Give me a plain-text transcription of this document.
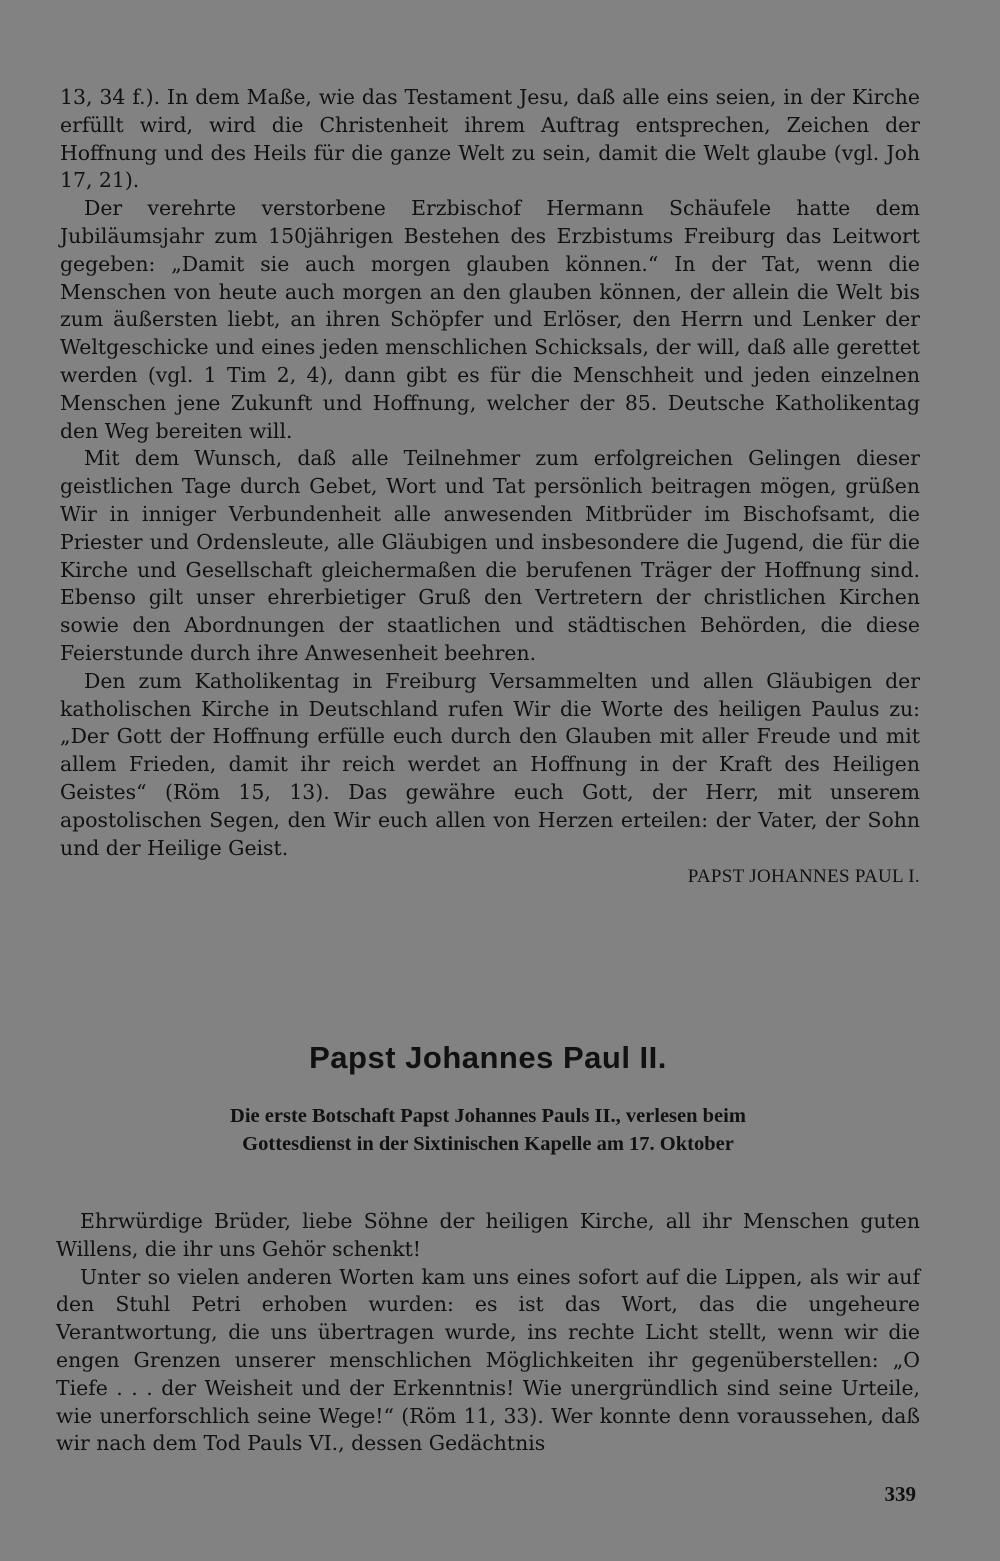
13, 34 f.). In dem Maße, wie das Testament Jesu, daß alle eins seien, in der Kirche erfüllt wird, wird die Christenheit ihrem Auftrag entsprechen, Zeichen der Hoffnung und des Heils für die ganze Welt zu sein, damit die Welt glaube (vgl. Joh 17, 21).

Der verehrte verstorbene Erzbischof Hermann Schäufele hatte dem Jubiläumsjahr zum 150jährigen Bestehen des Erzbistums Freiburg das Leitwort gegeben: „Damit sie auch morgen glauben können.“ In der Tat, wenn die Menschen von heute auch morgen an den glauben können, der allein die Welt bis zum äußersten liebt, an ihren Schöpfer und Erlöser, den Herrn und Lenker der Weltgeschicke und eines jeden menschlichen Schicksals, der will, daß alle gerettet werden (vgl. 1 Tim 2, 4), dann gibt es für die Menschheit und jeden einzelnen Menschen jene Zukunft und Hoffnung, welcher der 85. Deutsche Katholikentag den Weg bereiten will.

Mit dem Wunsch, daß alle Teilnehmer zum erfolgreichen Gelingen dieser geistlichen Tage durch Gebet, Wort und Tat persönlich beitragen mögen, grüßen Wir in inniger Verbundenheit alle anwesenden Mitbrüder im Bischofsamt, die Priester und Ordensleute, alle Gläubigen und insbesondere die Jugend, die für die Kirche und Gesellschaft gleichermaßen die berufenen Träger der Hoffnung sind. Ebenso gilt unser ehrerbietiger Gruß den Vertretern der christlichen Kirchen sowie den Abordnungen der staatlichen und städtischen Behörden, die diese Feierstunde durch ihre Anwesenheit beehren.

Den zum Katholikentag in Freiburg Versammelten und allen Gläubigen der katholischen Kirche in Deutschland rufen Wir die Worte des heiligen Paulus zu: „Der Gott der Hoffnung erfülle euch durch den Glauben mit aller Freude und mit allem Frieden, damit ihr reich werdet an Hoffnung in der Kraft des Heiligen Geistes“ (Röm 15, 13). Das gewähre euch Gott, der Herr, mit unserem apostolischen Segen, den Wir euch allen von Herzen erteilen: der Vater, der Sohn und der Heilige Geist.

PAPST JOHANNES PAUL I.

Papst Johannes Paul II.
Die erste Botschaft Papst Johannes Pauls II., verlesen beim
Gottesdienst in der Sixtinischen Kapelle am 17. Oktober

Ehrwürdige Brüder, liebe Söhne der heiligen Kirche, all ihr Menschen guten Willens, die ihr uns Gehör schenkt!

Unter so vielen anderen Worten kam uns eines sofort auf die Lippen, als wir auf den Stuhl Petri erhoben wurden: es ist das Wort, das die ungeheure Verantwortung, die uns übertragen wurde, ins rechte Licht stellt, wenn wir die engen Grenzen unserer menschlichen Möglichkeiten ihr gegenüberstellen: „O Tiefe . . . der Weisheit und der Erkenntnis! Wie unergründlich sind seine Urteile, wie unerforschlich seine Wege!“ (Röm 11, 33). Wer konnte denn voraussehen, daß wir nach dem Tod Pauls VI., dessen Gedächtnis

339
